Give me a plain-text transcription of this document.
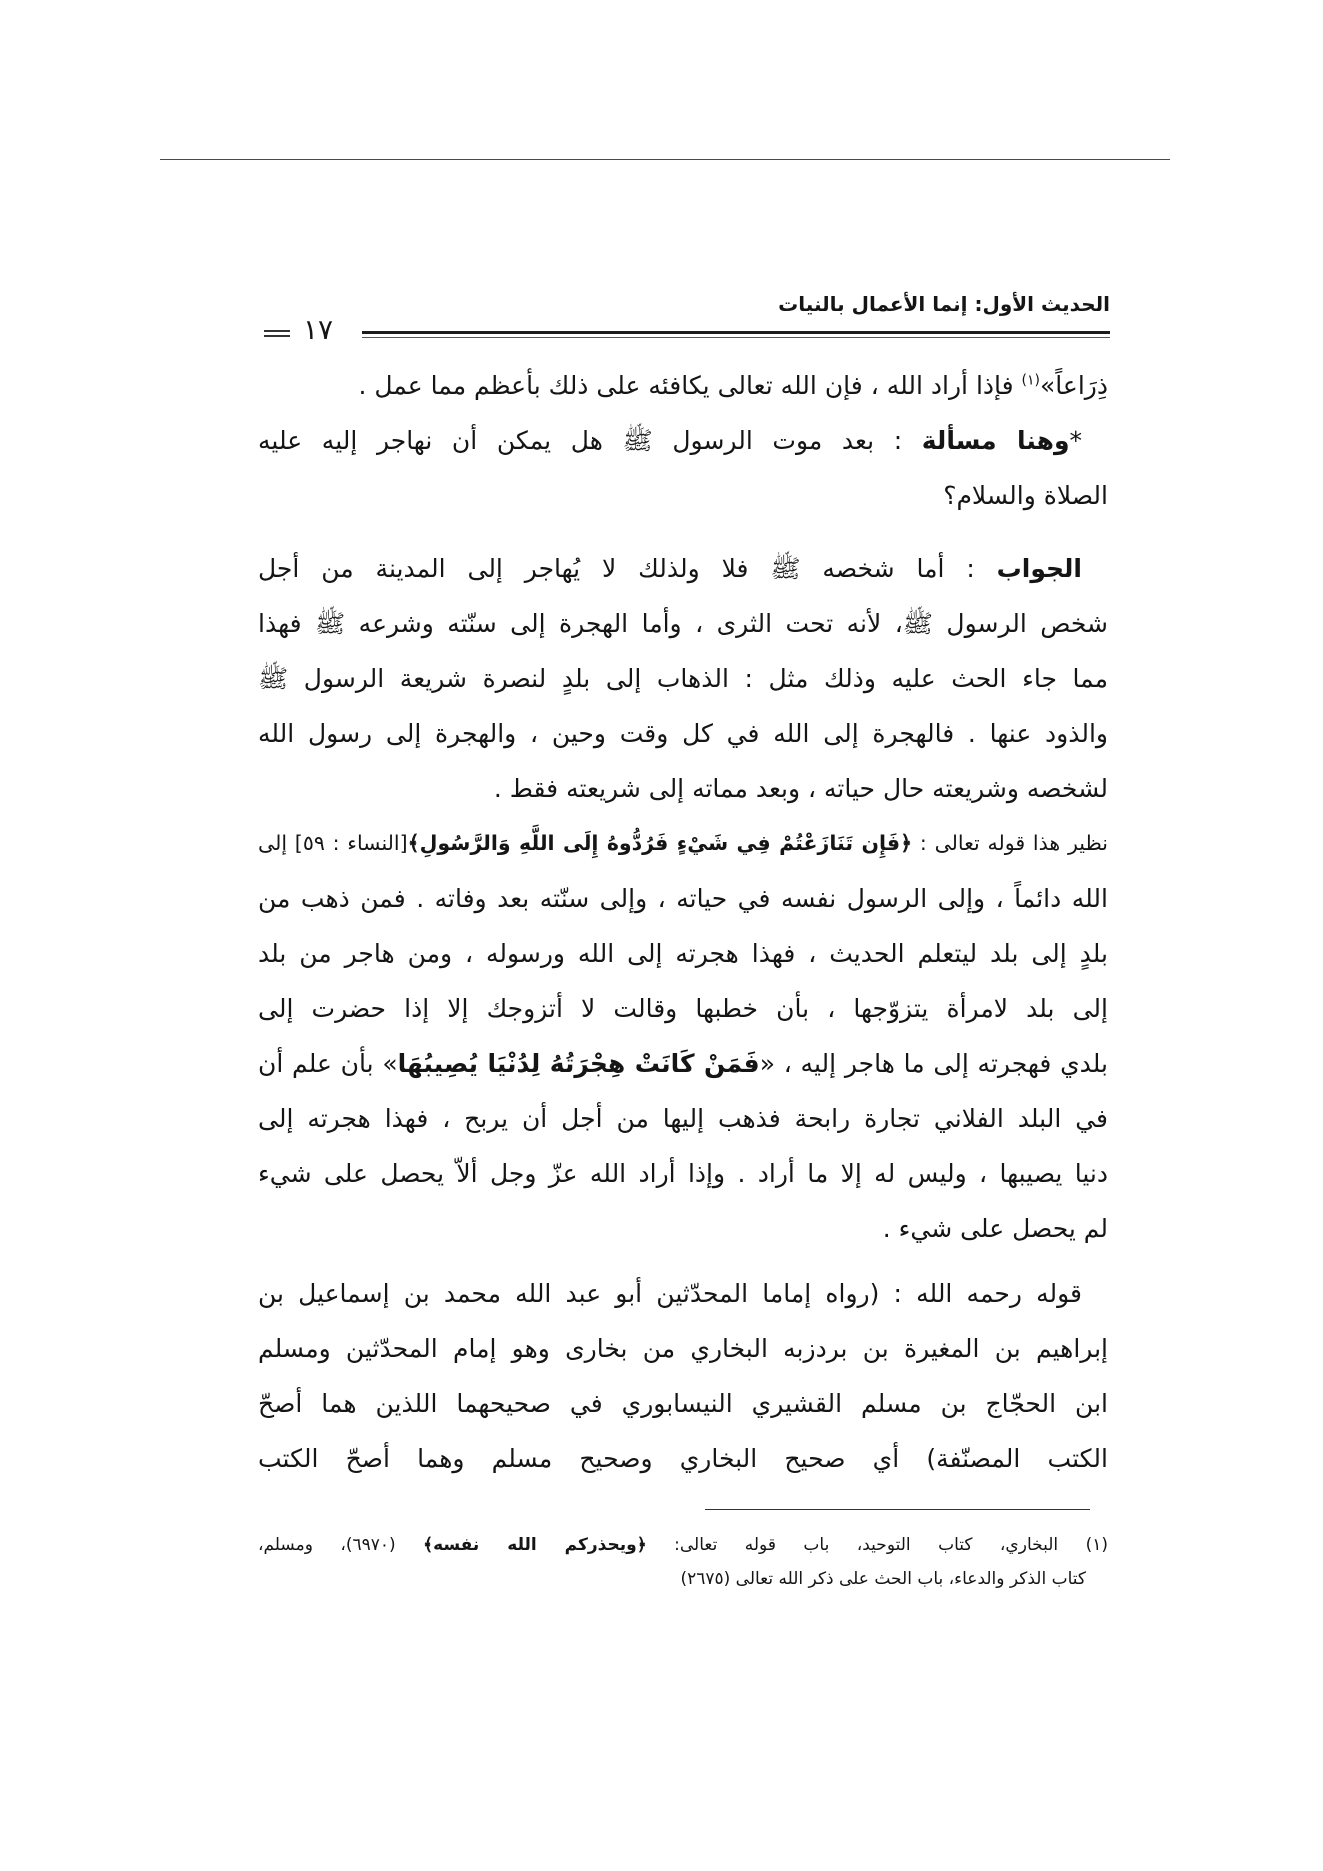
الحديث الأول: إنما الأعمال بالنيات
١٧
ذِرَاعاً»$^{(١)}$ فإذا أراد الله ، فإن الله تعالى يكافئه على ذلك بأعظم مما عمل .
*وهنا مسألة : بعد موت الرسول ﷺ هل يمكن أن نهاجر إليه عليه
الصلاة والسلام؟
الجواب : أما شخصه ﷺ فلا ولذلك لا يُهاجر إلى المدينة من أجل
شخص الرسول ﷺ، لأنه تحت الثرى ، وأما الهجرة إلى سنّته وشرعه ﷺ فهذا
مما جاء الحث عليه وذلك مثل : الذهاب إلى بلدٍ لنصرة شريعة الرسول ﷺ
والذود عنها . فالهجرة إلى الله في كل وقت وحين ، والهجرة إلى رسول الله
لشخصه وشريعته حال حياته ، وبعد مماته إلى شريعته فقط .
نظير هذا قوله تعالى : ﴿فَإِن تَنَازَعْتُمْ فِي شَيْءٍ فَرُدُّوهُ إِلَى اللَّهِ وَالرَّسُولِ﴾[النساء : ٥٩] إلى
الله دائماً ، وإلى الرسول نفسه في حياته ، وإلى سنّته بعد وفاته . فمن ذهب من
بلدٍ إلى بلد ليتعلم الحديث ، فهذا هجرته إلى الله ورسوله ، ومن هاجر من بلد
إلى بلد لامرأة يتزوّجها ، بأن خطبها وقالت لا أتزوجك إلا إذا حضرت إلى
بلدي فهجرته إلى ما هاجر إليه ، «فَمَنْ كَانَتْ هِجْرَتُهُ لِدُنْيَا يُصِيبُهَا» بأن علم أن
في البلد الفلاني تجارة رابحة فذهب إليها من أجل أن يربح ، فهذا هجرته إلى
دنيا يصيبها ، وليس له إلا ما أراد . وإذا أراد الله عزّ وجل ألاّ يحصل على شيء
لم يحصل على شيء .
قوله رحمه الله : (رواه إماما المحدّثين أبو عبد الله محمد بن إسماعيل بن
إبراهيم بن المغيرة بن بردزبه البخاري من بخارى وهو إمام المحدّثين ومسلم
ابن الحجّاج بن مسلم القشيري النيسابوري في صحيحهما اللذين هما أصحّ
الكتب المصنّفة) أي صحيح البخاري وصحيح مسلم وهما أصحّ الكتب
(١) البخاري، كتاب التوحيد، باب قوله تعالى: ﴿ويحذركم الله نفسه﴾ (٦٩٧٠)، ومسلم،
كتاب الذكر والدعاء، باب الحث على ذكر الله تعالى (٢٦٧٥)
